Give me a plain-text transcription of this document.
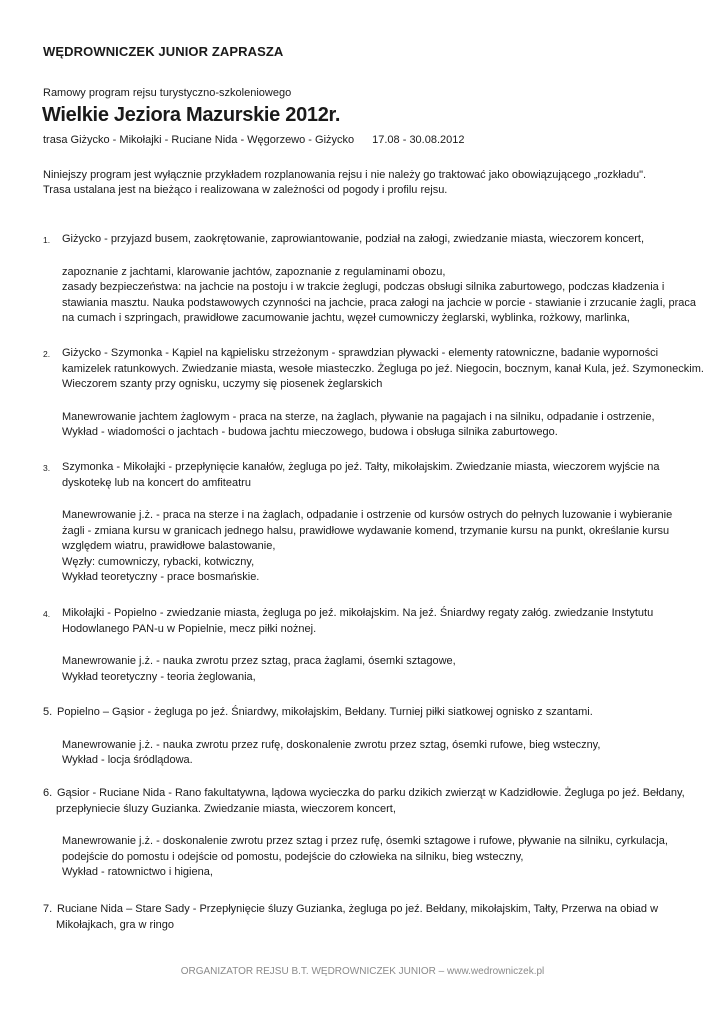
WĘDROWNICZEK JUNIOR ZAPRASZA
Ramowy program rejsu turystyczno-szkoleniowego
Wielkie Jeziora Mazurskie 2012r.
trasa Giżycko - Mikołajki - Ruciane Nida - Węgorzewo - Giżycko 17.08 - 30.08.2012
Niniejszy program jest wyłącznie przykładem rozplanowania rejsu i nie należy go traktować jako obowiązującego „rozkładu".
Trasa ustalana jest na bieżąco i realizowana w zależności od pogody i profilu rejsu.
1. Giżycko - przyjazd busem, zaokrętowanie, zaprowiantowanie, podział na załogi, zwiedzanie miasta, wieczorem koncert,
zapoznanie z jachtami, klarowanie jachtów, zapoznanie z regulaminami obozu,
zasady bezpieczeństwa: na jachcie na postoju i w trakcie żeglugi, podczas obsługi silnika zaburtowego, podczas kładzenia i
stawiania masztu. Nauka podstawowych czynności na jachcie, praca załogi na jachcie w porcie - stawianie i zrzucanie żagli, praca
na cumach i szpringach, prawidłowe zacumowanie jachtu, węzeł cumowniczy żeglarski, wyblinka, rożkowy, marlinka,
2. Giżycko - Szymonka - Kąpiel na kąpielisku strzeżonym - sprawdzian pływacki - elementy ratowniczne, badanie wyporności
kamizelek ratunkowych. Zwiedzanie miasta, wesołe miasteczko. Żegluga po jeź. Niegocin, bocznym, kanał Kula, jeź. Szymoneckim.
Wieczorem szanty przy ognisku, uczymy się piosenek żeglarskich
Manewrowanie jachtem żaglowym - praca na sterze, na żaglach, pływanie na pagajach i na silniku, odpadanie i ostrzenie,
Wykład - wiadomości o jachtach - budowa jachtu mieczowego, budowa i obsługa silnika zaburtowego.
3. Szymonka - Mikołajki - przepłynięcie kanałów, żegluga po jeź. Tałty, mikołajskim. Zwiedzanie miasta, wieczorem wyjście na
dyskotekę lub na koncert do amfiteatru
Manewrowanie j.ż. - praca na sterze i na żaglach, odpadanie i ostrzenie od kursów ostrych do pełnych luzowanie i wybieranie
żagli - zmiana kursu w granicach jednego halsu, prawidłowe wydawanie komend, trzymanie kursu na punkt, określanie kursu
względem wiatru, prawidłowe balastowanie,
Węzły: cumowniczy, rybacki, kotwiczny,
Wykład teoretyczny - prace bosmańskie.
4. Mikołajki - Popielno - zwiedzanie miasta, żegluga po jeź. mikołajskim. Na jeź. Śniardwy regaty załóg. zwiedzanie Instytutu
Hodowlanego PAN-u w Popielnie, mecz piłki nożnej.
Manewrowanie j.ż. - nauka zwrotu przez sztag, praca żaglami, ósemki sztagowe,
Wykład teoretyczny - teoria żeglowania,
5. Popielno – Gąsior - żegluga po jeź. Śniardwy, mikołajskim, Bełdany. Turniej piłki siatkowej ognisko z szantami.
Manewrowanie j.ż. - nauka zwrotu przez rufę, doskonalenie zwrotu przez sztag, ósemki rufowe, bieg wsteczny,
Wykład - locja śródlądowa.
6. Gąsior - Ruciane Nida - Rano fakultatywna, lądowa wycieczka do parku dzikich zwierząt w Kadzidłowie. Żegluga po jeź. Bełdany,
przepłyniecie śluzy Guzianka. Zwiedzanie miasta, wieczorem koncert,
Manewrowanie j.ż. - doskonalenie zwrotu przez sztag i przez rufę, ósemki sztagowe i rufowe, pływanie na silniku, cyrkulacja,
podejście do pomostu i odejście od pomostu, podejście do człowieka na silniku, bieg wsteczny,
Wykład - ratownictwo i higiena,
7. Ruciane Nida – Stare Sady - Przepłynięcie śluzy Guzianka, żegluga po jeź. Bełdany, mikołajskim, Tałty, Przerwa na obiad w
Mikołajkach, gra w ringo
ORGANIZATOR REJSU B.T. WĘDROWNICZEK JUNIOR – www.wedrowniczek.pl
